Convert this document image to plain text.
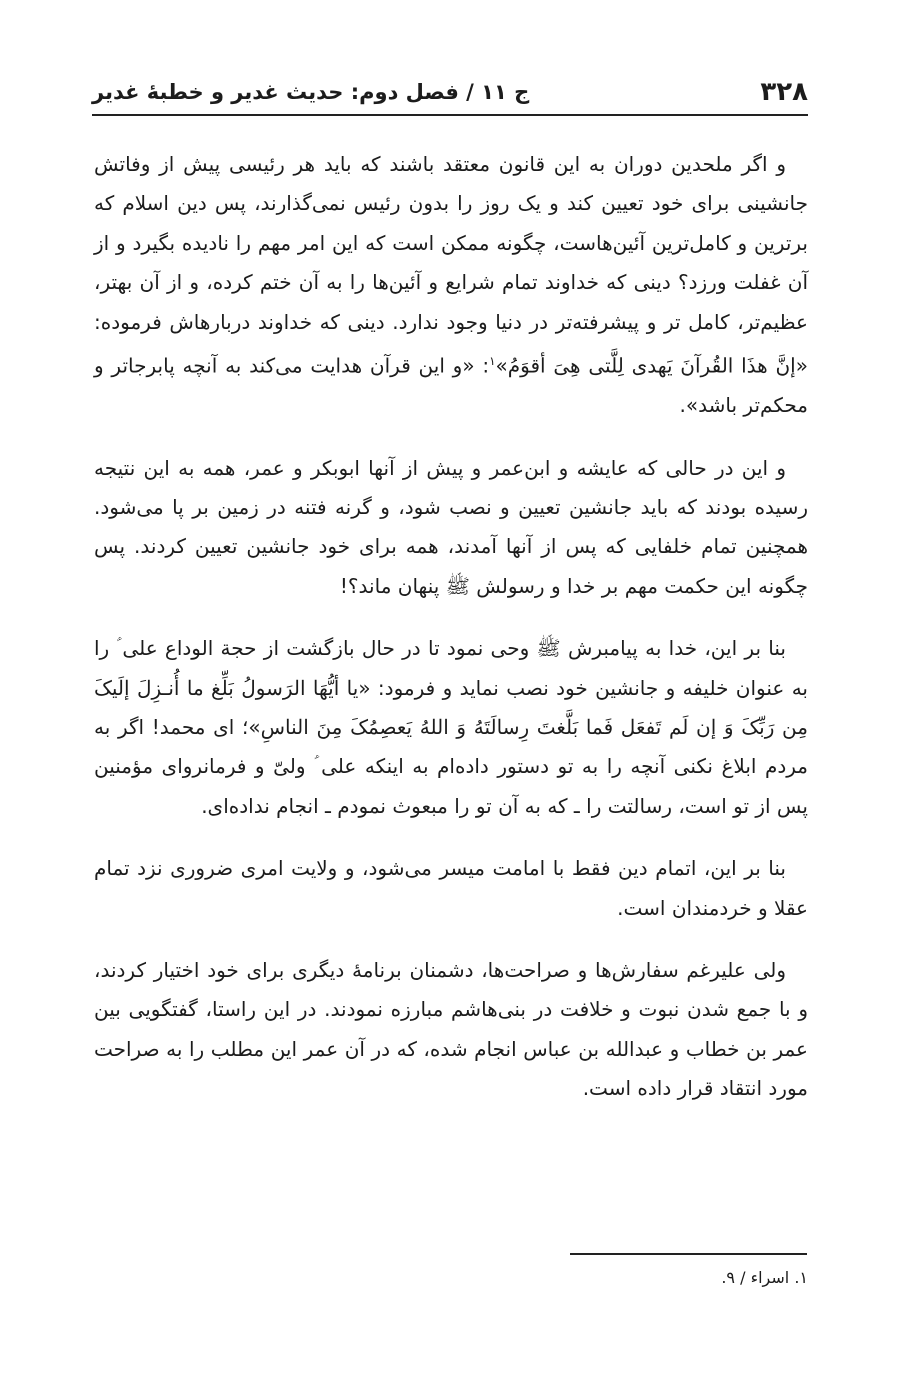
۳۲۸
ج ۱۱ / فصل دوم: حدیث غدیر و خطبهٔ غدیر

و اگر ملحدین دوران به این قانون معتقد باشند که باید هر رئیسی پیش از وفاتش جانشینی برای خود تعیین کند و یک روز را بدون رئیس نمی‌گذارند، پس دین اسلام که برترین و کامل‌ترین آئین‌هاست، چگونه ممکن است که این امر مهم را نادیده بگیرد و از آن غفلت ورزد؟ دینی که خداوند تمام شرایع و آئین‌ها را به آن ختم کرده، و از آن بهتر، عظیم‌تر، کامل تر و پیشرفته‌تر در دنیا وجود ندارد. دینی که خداوند دربارهاش فرموده: «إنَّ هذَا القُرآنَ یَهدی لِلَّتی هِیَ أقوَمُ»$^١$: «و این قرآن هدایت می‌کند به آنچه پابرجاتر و محکم‌تر باشد».

و این در حالی که عایشه و ابن‌عمر و پیش از آنها ابوبکر و عمر، همه به این نتیجه رسیده بودند که باید جانشین تعیین و نصب شود، و گرنه فتنه در زمین بر پا می‌شود. همچنین تمام خلفایی که پس از آنها آمدند، همه برای خود جانشین تعیین کردند. پس چگونه این حکمت مهم بر خدا و رسولش ﷺ پنهان ماند؟!

بنا بر این، خدا به پیامبرش ﷺ وحی نمود تا در حال بازگشت از حجة الوداع علی ؑ را به عنوان خلیفه و جانشین خود نصب نماید و فرمود: «یا أیُّهَا الرَسولُ بَلِّغ ما أُنـزِلَ إلَیکَ مِن رَبِّکَ وَ إن لَم تَفعَل فَما بَلَّغتَ رِسالَتَهُ وَ اللهُ یَعصِمُکَ مِنَ الناسِ»؛ ای محمد! اگر به مردم ابلاغ نکنی آنچه را به تو دستور داده‌ام به اینکه علی ؑ ولیّ و فرمانروای مؤمنین پس از تو است، رسالتت را ـ که به آن تو را مبعوث نمودم ـ انجام نداده‌ای.

بنا بر این، اتمام دین فقط با امامت میسر می‌شود، و ولایت امری ضروری نزد تمام عقلا و خردمندان است.

ولی علیرغم سفارش‌ها و صراحت‌ها، دشمنان برنامهٔ دیگری برای خود اختیار کردند، و با جمع شدن نبوت و خلافت در بنی‌هاشم مبارزه نمودند. در این راستا، گفتگویی بین عمر بن خطاب و عبدالله بن عباس انجام شده، که در آن عمر این مطلب را به صراحت مورد انتقاد قرار داده است.

١. اسراء / ٩.
